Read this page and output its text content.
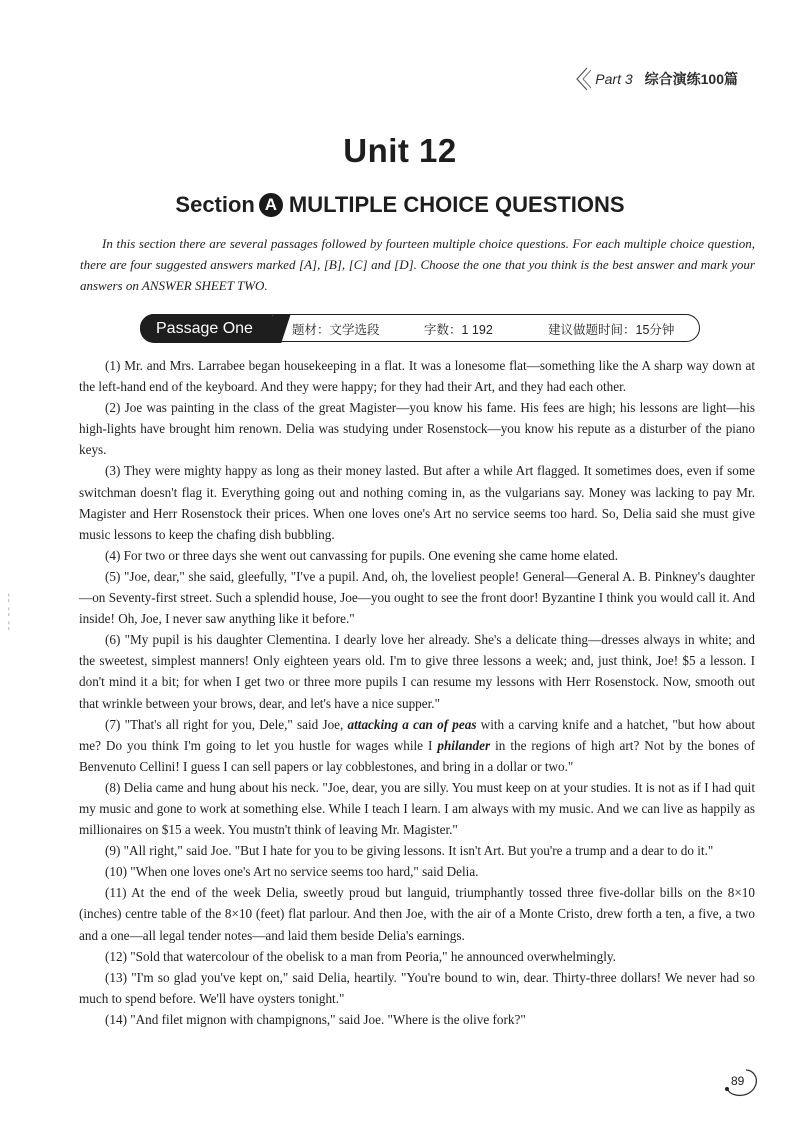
Part 3 综合演练100篇
Unit 12
Section A MULTIPLE CHOICE QUESTIONS

In this section there are several passages followed by fourteen multiple choice questions. For each multiple choice question, there are four suggested answers marked [A], [B], [C] and [D]. Choose the one that you think is the best answer and mark your answers on ANSWER SHEET TWO.

Passage One	题材：文学选段	字数：1 192	建议做题时间：15分钟
¦
¦
¦

(1) Mr. and Mrs. Larrabee began housekeeping in a flat. It was a lonesome flat—something like the A sharp way down at the left-hand end of the keyboard. And they were happy; for they had their Art, and they had each other.

(2) Joe was painting in the class of the great Magister—you know his fame. His fees are high; his lessons are light—his high-lights have brought him renown. Delia was studying under Rosenstock—you know his repute as a disturber of the piano keys.

(3) They were mighty happy as long as their money lasted. But after a while Art flagged. It sometimes does, even if some switchman doesn't flag it. Everything going out and nothing coming in, as the vulgarians say. Money was lacking to pay Mr. Magister and Herr Rosenstock their prices. When one loves one's Art no service seems too hard. So, Delia said she must give music lessons to keep the chafing dish bubbling.

(4) For two or three days she went out canvassing for pupils. One evening she came home elated.

(5) "Joe, dear," she said, gleefully, "I've a pupil. And, oh, the loveliest people! General—General A. B. Pinkney's daughter—on Seventy-first street. Such a splendid house, Joe—you ought to see the front door! Byzantine I think you would call it. And inside! Oh, Joe, I never saw anything like it before."

(6) "My pupil is his daughter Clementina. I dearly love her already. She's a delicate thing—dresses always in white; and the sweetest, simplest manners! Only eighteen years old. I'm to give three lessons a week; and, just think, Joe! $5 a lesson. I don't mind it a bit; for when I get two or three more pupils I can resume my lessons with Herr Rosenstock. Now, smooth out that wrinkle between your brows, dear, and let's have a nice supper."

(7) "That's all right for you, Dele," said Joe, attacking a can of peas with a carving knife and a hatchet, "but how about me? Do you think I'm going to let you hustle for wages while I philander in the regions of high art? Not by the bones of Benvenuto Cellini! I guess I can sell papers or lay cobblestones, and bring in a dollar or two."

(8) Delia came and hung about his neck. "Joe, dear, you are silly. You must keep on at your studies. It is not as if I had quit my music and gone to work at something else. While I teach I learn. I am always with my music. And we can live as happily as millionaires on $15 a week. You mustn't think of leaving Mr. Magister."

(9) "All right," said Joe. "But I hate for you to be giving lessons. It isn't Art. But you're a trump and a dear to do it."

(10) "When one loves one's Art no service seems too hard," said Delia.

(11) At the end of the week Delia, sweetly proud but languid, triumphantly tossed three five-dollar bills on the 8×10 (inches) centre table of the 8×10 (feet) flat parlour. And then Joe, with the air of a Monte Cristo, drew forth a ten, a five, a two and a one—all legal tender notes—and laid them beside Delia's earnings.

(12) "Sold that watercolour of the obelisk to a man from Peoria," he announced overwhelmingly.

(13) "I'm so glad you've kept on," said Delia, heartily. "You're bound to win, dear. Thirty-three dollars! We never had so much to spend before. We'll have oysters tonight."

(14) "And filet mignon with champignons," said Joe. "Where is the olive fork?"

89
